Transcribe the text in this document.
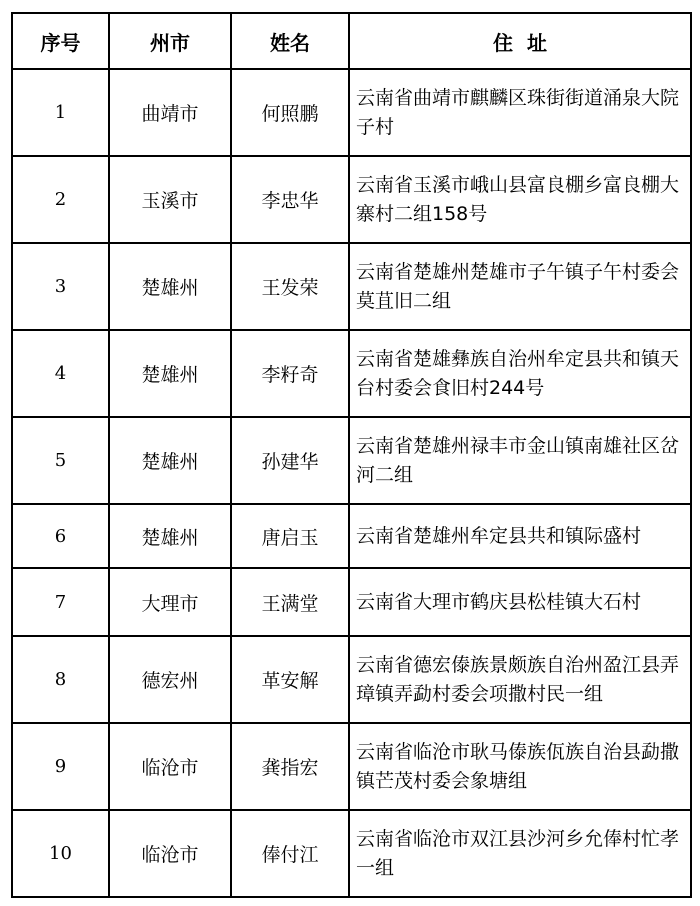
序号	州市	姓名	住  址
1	曲靖市	何照鹏	云南省曲靖市麒麟区珠街街道涌泉大院子村
2	玉溪市	李忠华	云南省玉溪市峨山县富良棚乡富良棚大寨村二组158号
3	楚雄州	王发荣	云南省楚雄州楚雄市子午镇子午村委会莫苴旧二组
4	楚雄州	李籽奇	云南省楚雄彝族自治州牟定县共和镇天台村委会食旧村244号
5	楚雄州	孙建华	云南省楚雄州禄丰市金山镇南雄社区岔河二组
6	楚雄州	唐启玉	云南省楚雄州牟定县共和镇际盛村
7	大理市	王满堂	云南省大理市鹤庆县松桂镇大石村
8	德宏州	革安解	云南省德宏傣族景颇族自治州盈江县弄璋镇弄勐村委会项撒村民一组
9	临沧市	龚指宏	云南省临沧市耿马傣族佤族自治县勐撒镇芒茂村委会象塘组
10	临沧市	俸付江	云南省临沧市双江县沙河乡允俸村忙孝一组
